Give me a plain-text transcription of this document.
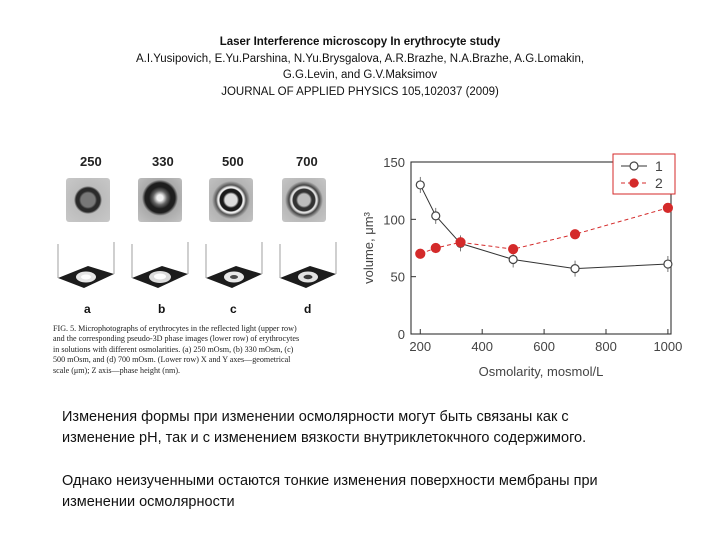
Laser Interference microscopy In erythrocyte study
A.I.Yusipovich, E.Yu.Parshina, N.Yu.Brysgalova, A.R.Brazhe, N.A.Brazhe, A.G.Lomakin,
G.G.Levin, and G.V.Maksimov
JOURNAL OF APPLIED PHYSICS 105,102037 (2009)
250	330	500	700
a	b	c	d
FIG. 5. Microphotographs of erythrocytes in the reflected light (upper row)
and the corresponding pseudo-3D phase images (lower row) of erythrocytes
in solutions with different osmolarities. (a) 250 mOsm, (b) 330 mOsm, (c)
500 mOsm, and (d) 700 mOsm. (Lower row) X and Y axes—geometrical
scale (μm); Z axis—phase height (nm).
200	400	600	800	1000
0
50
100
150
Osmolarity, mosmol/L
volume, μm³
1
2
Изменения формы при изменении осмолярности могут быть связаны как с
изменение pH, так и с изменением вязкости внутриклетокчного содержимого.
Однако неизученными остаются тонкие изменения поверхности мембраны при
изменении осмолярности
